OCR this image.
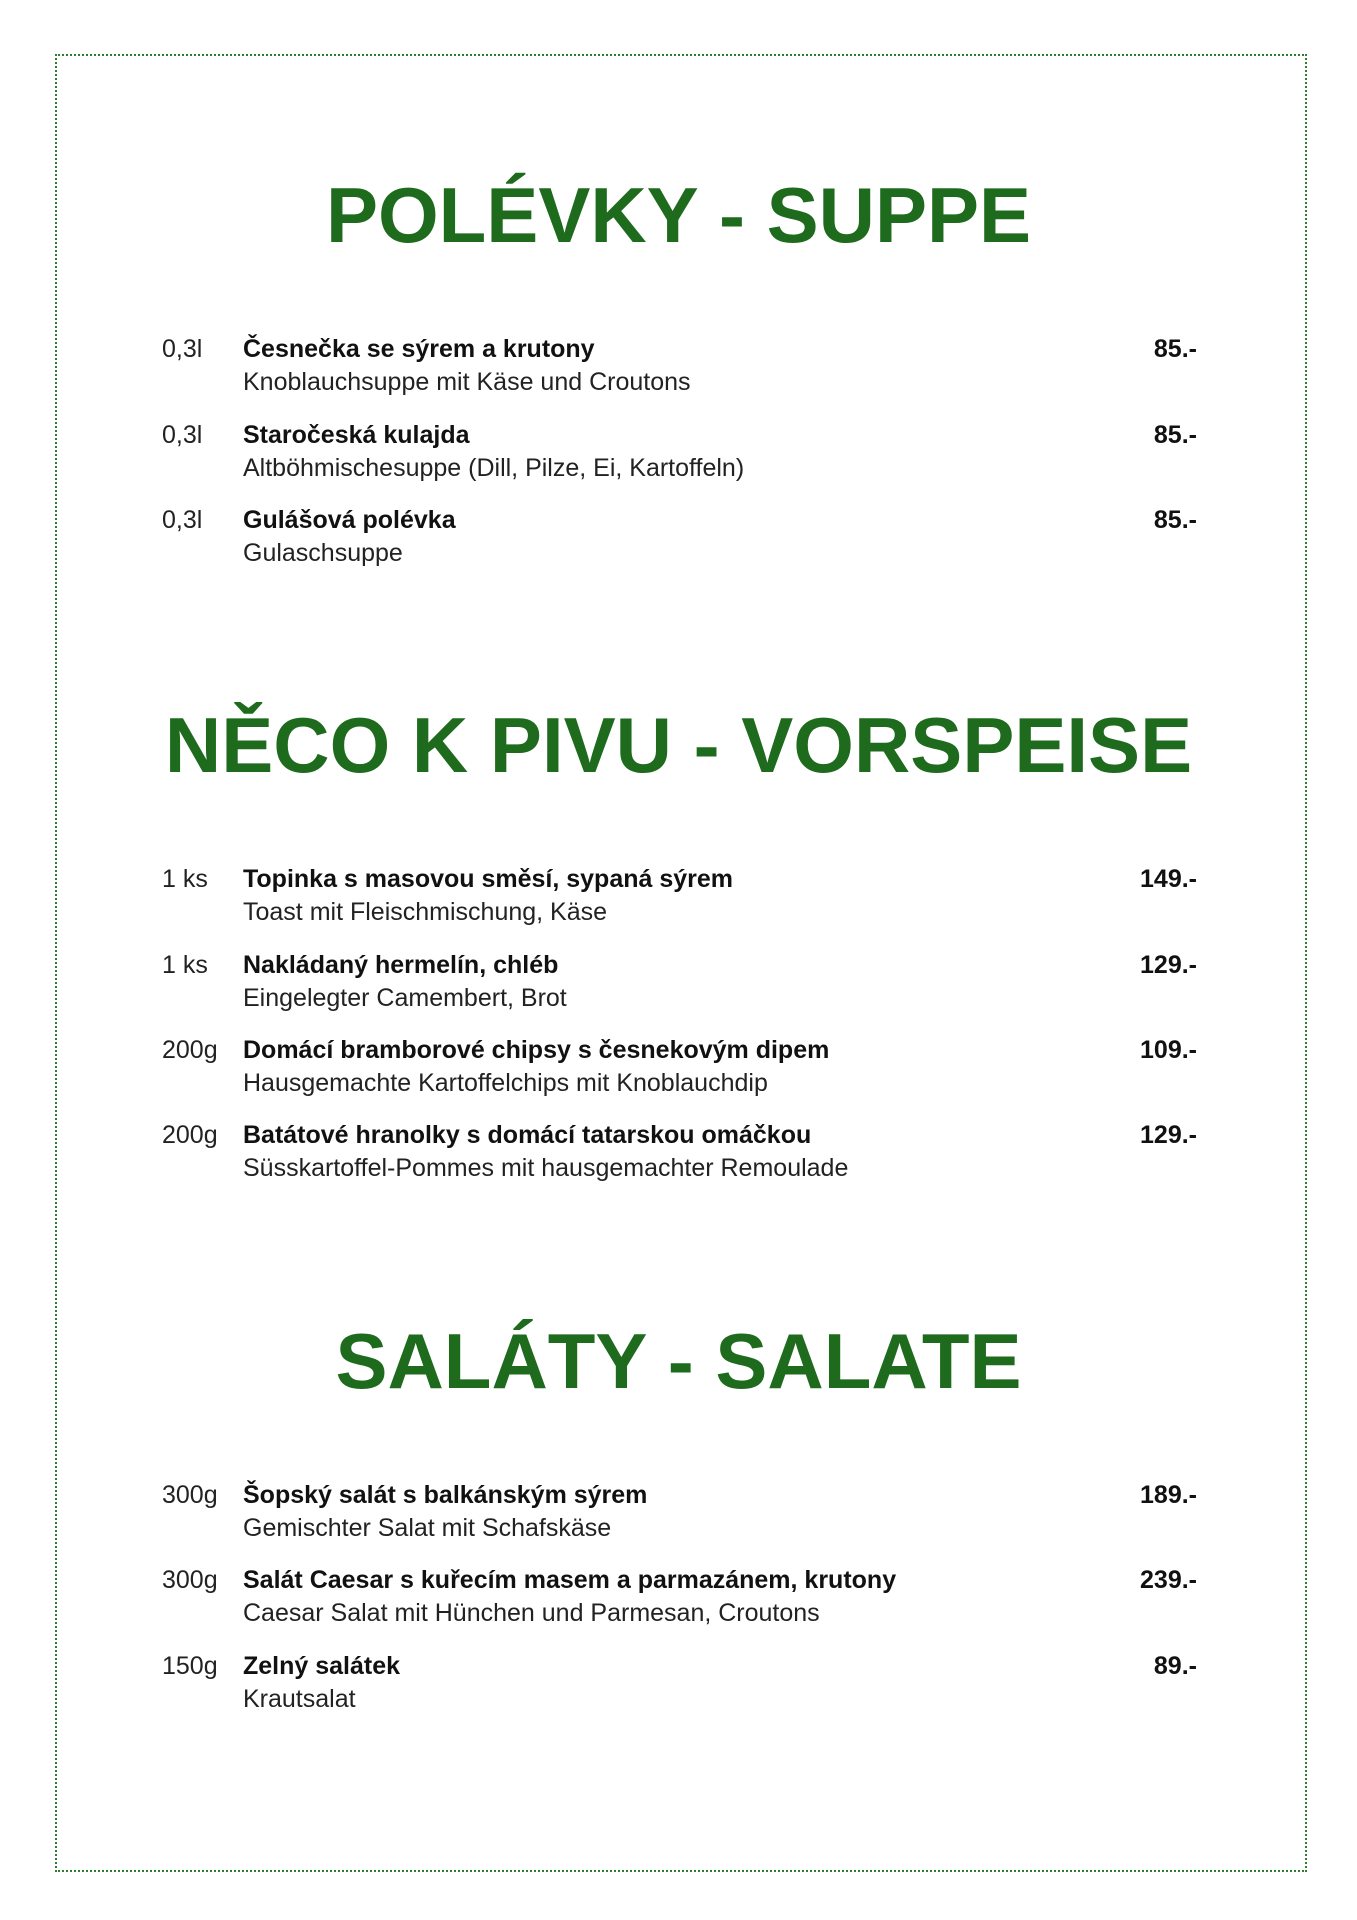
POLÉVKY - SUPPE
0,3l Česnečka se sýrem a krutony
Knoblauchsuppe mit Käse und Croutons
85.-
0,3l Staročeská kulajda
Altböhmischesuppe (Dill, Pilze, Ei, Kartoffeln)
85.-
0,3l Gulášová polévka
Gulaschsuppe
85.-
NĚCO K PIVU - VORSPEISE
1 ks Topinka s masovou směsí, sypaná sýrem
Toast mit Fleischmischung, Käse
149.-
1 ks Nakládaný hermelín, chléb
Eingelegter Camembert, Brot
129.-
200g Domácí bramborové chipsy s česnekovým dipem
Hausgemachte Kartoffelchips mit Knoblauchdip
109.-
200g Batátové hranolky s domácí tatarskou omáčkou
Süsskartoffel-Pommes mit hausgemachter Remoulade
129.-
SALÁTY - SALATE
300g Šopský salát s balkánským sýrem
Gemischter Salat mit Schafskäse
189.-
300g Salát Caesar s kuřecím masem a parmazánem, krutony
Caesar Salat mit Hünchen und Parmesan, Croutons
239.-
150g Zelný salátek
Krautsalat
89.-
